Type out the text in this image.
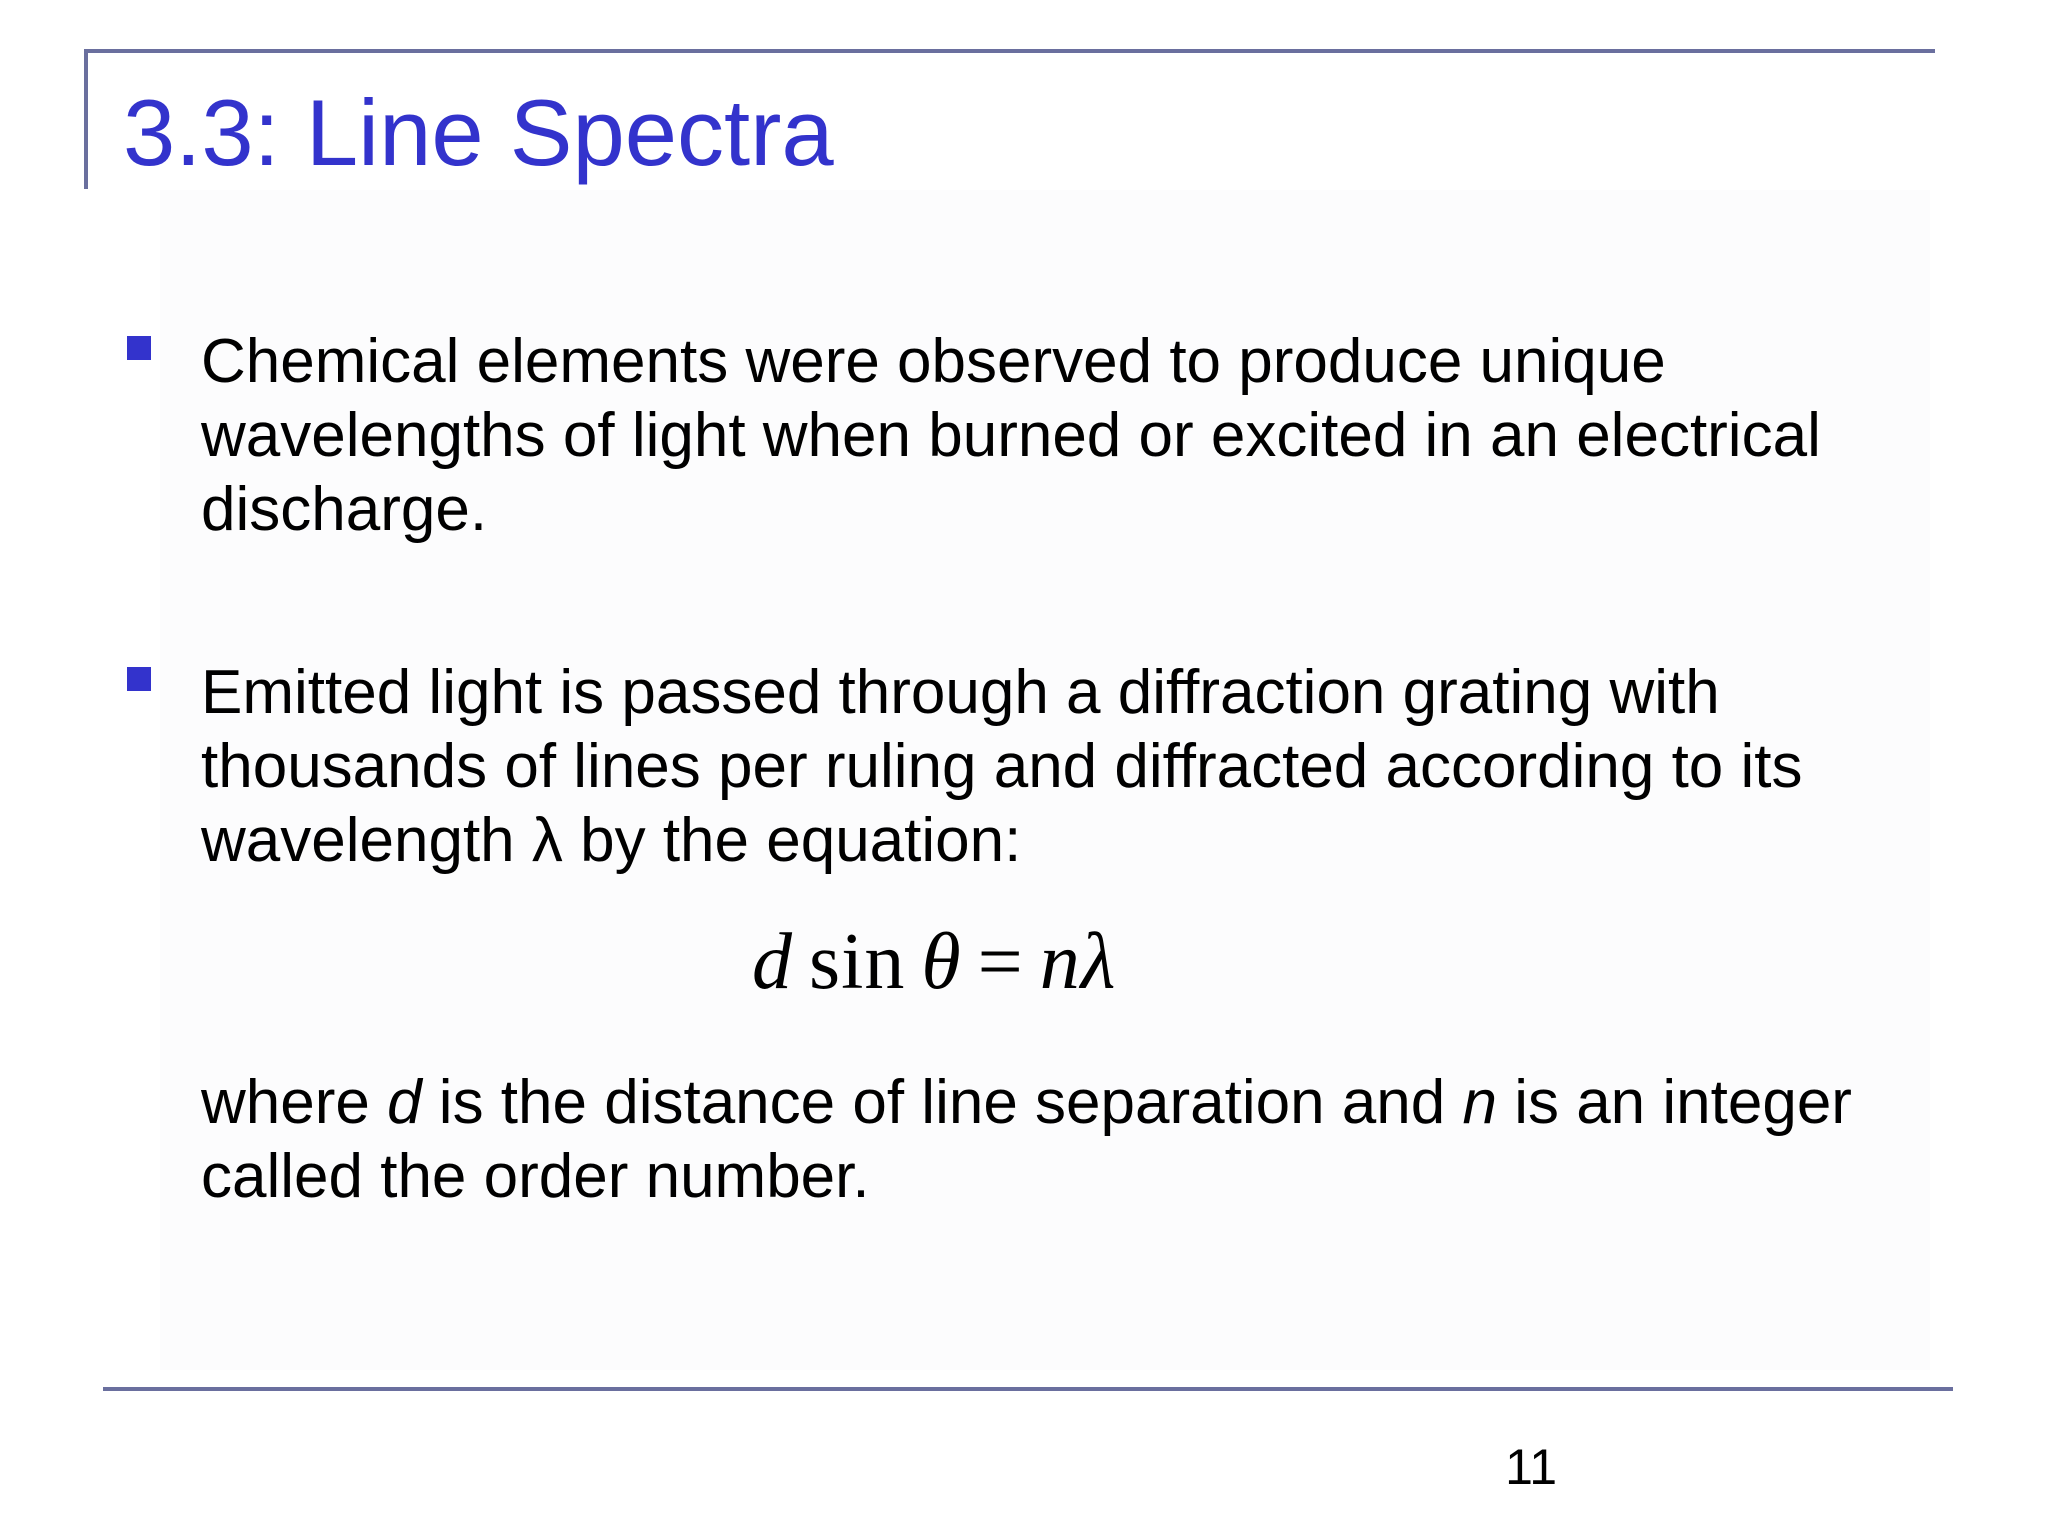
3.3: Line Spectra
Chemical elements were observed to produce unique wavelengths of light when burned or excited in an electrical discharge.
Emitted light is passed through a diffraction grating with thousands of lines per ruling and diffracted according to its wavelength λ by the equation:
d sin θ = nλ

where d is the distance of line separation and n is an integer called the order number.

11
